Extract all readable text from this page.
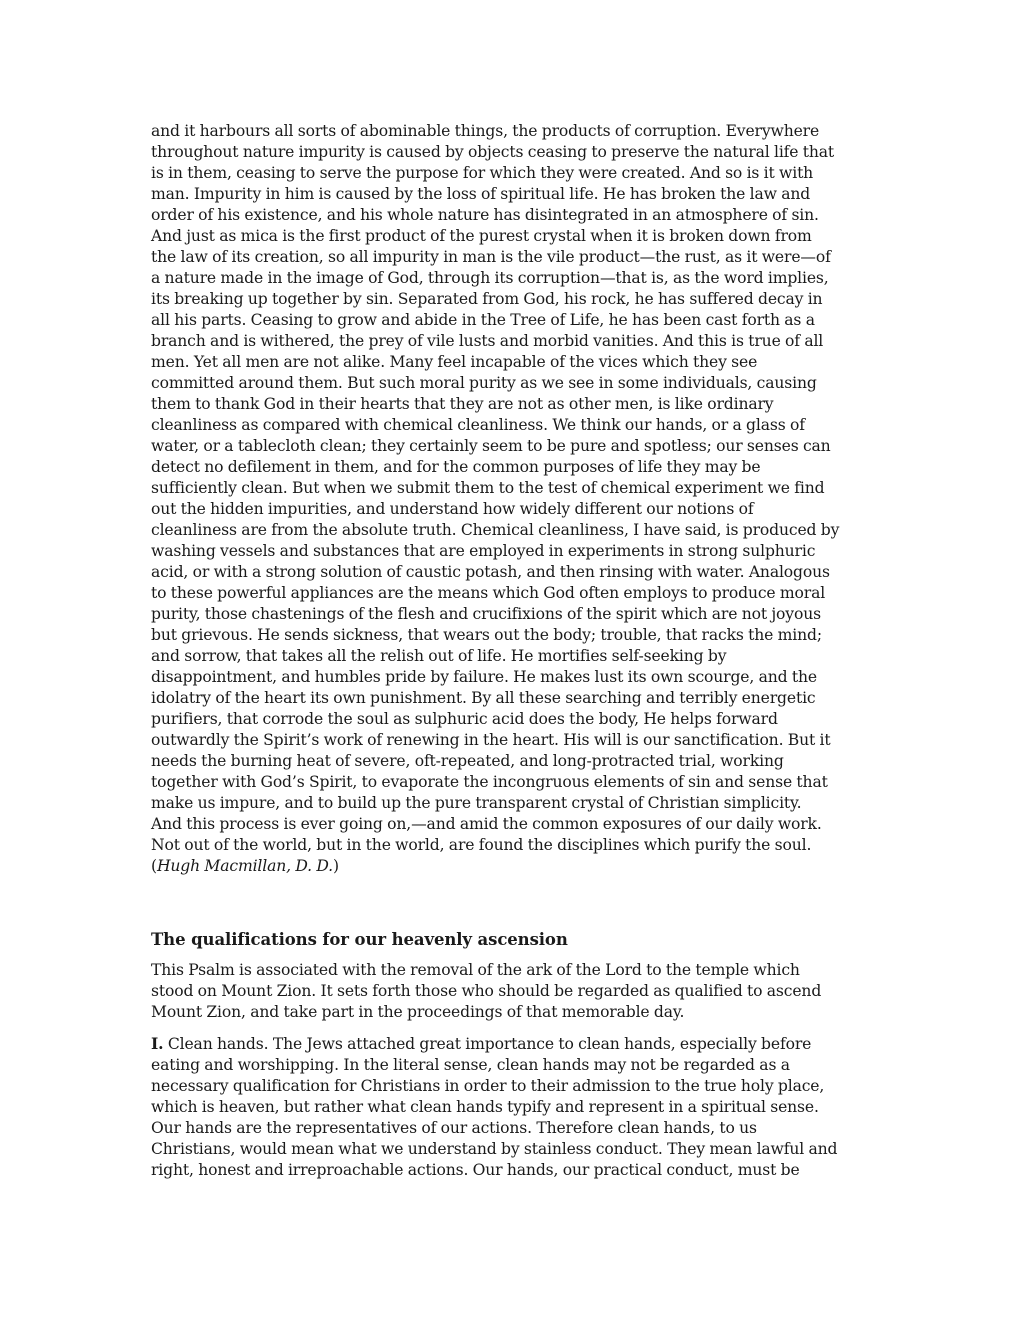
and it harbours all sorts of abominable things, the products of corruption. Everywhere
throughout nature impurity is caused by objects ceasing to preserve the natural life that
is in them, ceasing to serve the purpose for which they were created. And so is it with
man. Impurity in him is caused by the loss of spiritual life. He has broken the law and
order of his existence, and his whole nature has disintegrated in an atmosphere of sin.
And just as mica is the first product of the purest crystal when it is broken down from
the law of its creation, so all impurity in man is the vile product—the rust, as it were—of
a nature made in the image of God, through its corruption—that is, as the word implies,
its breaking up together by sin. Separated from God, his rock, he has suffered decay in
all his parts. Ceasing to grow and abide in the Tree of Life, he has been cast forth as a
branch and is withered, the prey of vile lusts and morbid vanities. And this is true of all
men. Yet all men are not alike. Many feel incapable of the vices which they see
committed around them. But such moral purity as we see in some individuals, causing
them to thank God in their hearts that they are not as other men, is like ordinary
cleanliness as compared with chemical cleanliness. We think our hands, or a glass of
water, or a tablecloth clean; they certainly seem to be pure and spotless; our senses can
detect no defilement in them, and for the common purposes of life they may be
sufficiently clean. But when we submit them to the test of chemical experiment we find
out the hidden impurities, and understand how widely different our notions of
cleanliness are from the absolute truth. Chemical cleanliness, I have said, is produced by
washing vessels and substances that are employed in experiments in strong sulphuric
acid, or with a strong solution of caustic potash, and then rinsing with water. Analogous
to these powerful appliances are the means which God often employs to produce moral
purity, those chastenings of the flesh and crucifixions of the spirit which are not joyous
but grievous. He sends sickness, that wears out the body; trouble, that racks the mind;
and sorrow, that takes all the relish out of life. He mortifies self-seeking by
disappointment, and humbles pride by failure. He makes lust its own scourge, and the
idolatry of the heart its own punishment. By all these searching and terribly energetic
purifiers, that corrode the soul as sulphuric acid does the body, He helps forward
outwardly the Spirit’s work of renewing in the heart. His will is our sanctification. But it
needs the burning heat of severe, oft-repeated, and long-protracted trial, working
together with God’s Spirit, to evaporate the incongruous elements of sin and sense that
make us impure, and to build up the pure transparent crystal of Christian simplicity.
And this process is ever going on,—and amid the common exposures of our daily work.
Not out of the world, but in the world, are found the disciplines which purify the soul.
(Hugh Macmillan, D. D.)

The qualifications for our heavenly ascension

This Psalm is associated with the removal of the ark of the Lord to the temple which
stood on Mount Zion. It sets forth those who should be regarded as qualified to ascend
Mount Zion, and take part in the proceedings of that memorable day.

I. Clean hands. The Jews attached great importance to clean hands, especially before
eating and worshipping. In the literal sense, clean hands may not be regarded as a
necessary qualification for Christians in order to their admission to the true holy place,
which is heaven, but rather what clean hands typify and represent in a spiritual sense.
Our hands are the representatives of our actions. Therefore clean hands, to us
Christians, would mean what we understand by stainless conduct. They mean lawful and
right, honest and irreproachable actions. Our hands, our practical conduct, must be
